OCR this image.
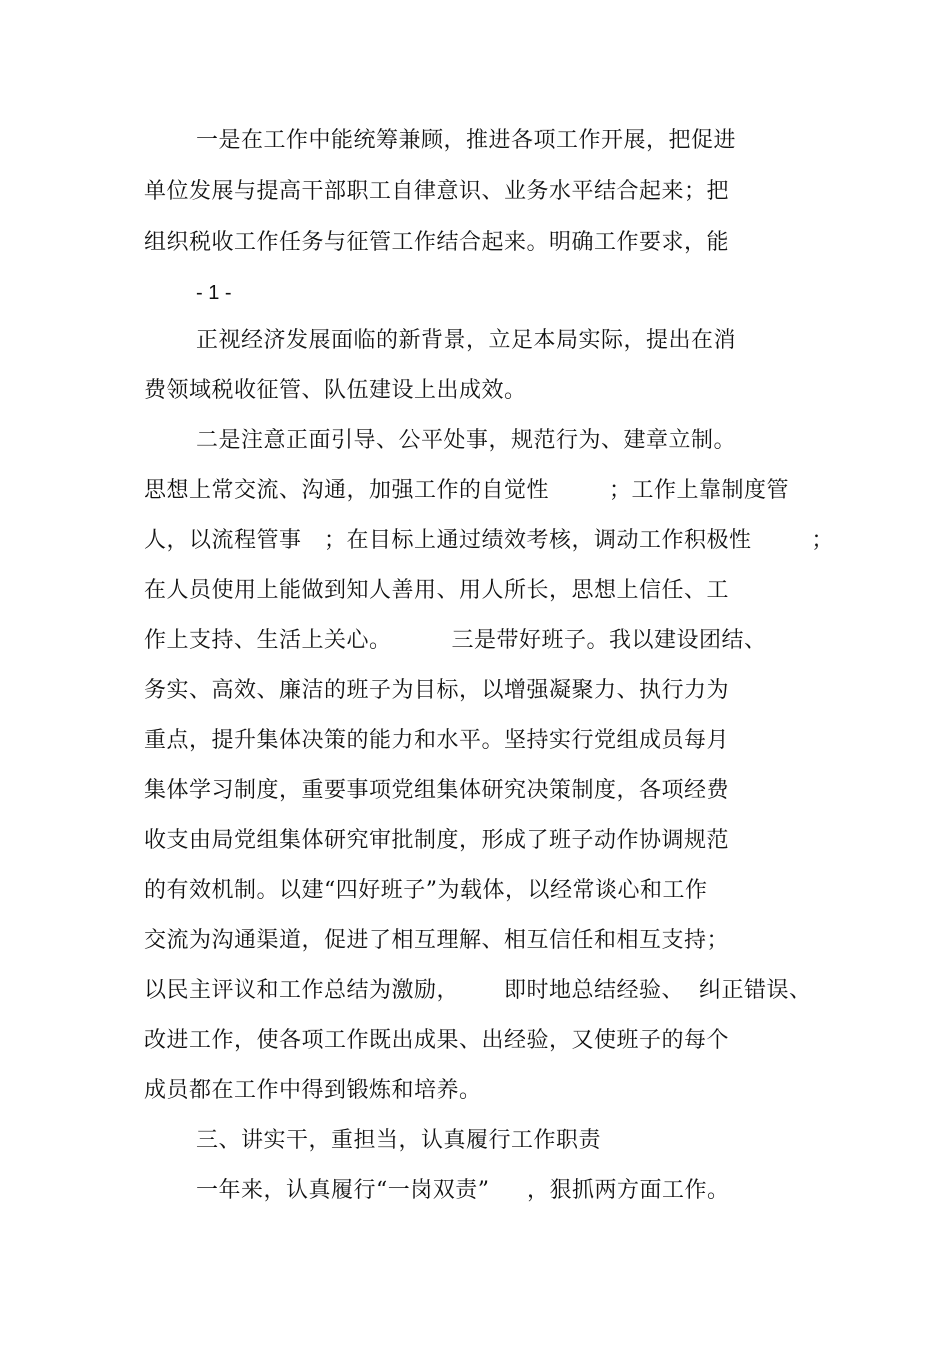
一是在工作中能统筹兼顾，推进各项工作开展，把促进
单位发展与提高干部职工自律意识、业务水平结合起来；把
组织税收工作任务与征管工作结合起来。明确工作要求，能
- 1 -
正视经济发展面临的新背景，立足本局实际，提出在消
费领域税收征管、队伍建设上出成效。
二是注意正面引导、公平处事，规范行为、建章立制。
思想上常交流、沟通，加强工作的自觉性        ；工作上靠制度管
人，以流程管事   ；在目标上通过绩效考核，调动工作积极性        ；
在人员使用上能做到知人善用、用人所长，思想上信任、工
作上支持、生活上关心。        三是带好班子。我以建设团结、
务实、高效、廉洁的班子为目标，以增强凝聚力、执行力为
重点，提升集体决策的能力和水平。坚持实行党组成员每月
集体学习制度，重要事项党组集体研究决策制度，各项经费
收支由局党组集体研究审批制度，形成了班子动作协调规范
的有效机制。以建“四好班子”为载体，以经常谈心和工作
交流为沟通渠道，促进了相互理解、相互信任和相互支持；
以民主评议和工作总结为激励，      即时地总结经验、  纠正错误、
改进工作，使各项工作既出成果、出经验，又使班子的每个
成员都在工作中得到锻炼和培养。
三、讲实干，重担当，认真履行工作职责
一年来，认真履行“一岗双责”     ，狠抓两方面工作。
